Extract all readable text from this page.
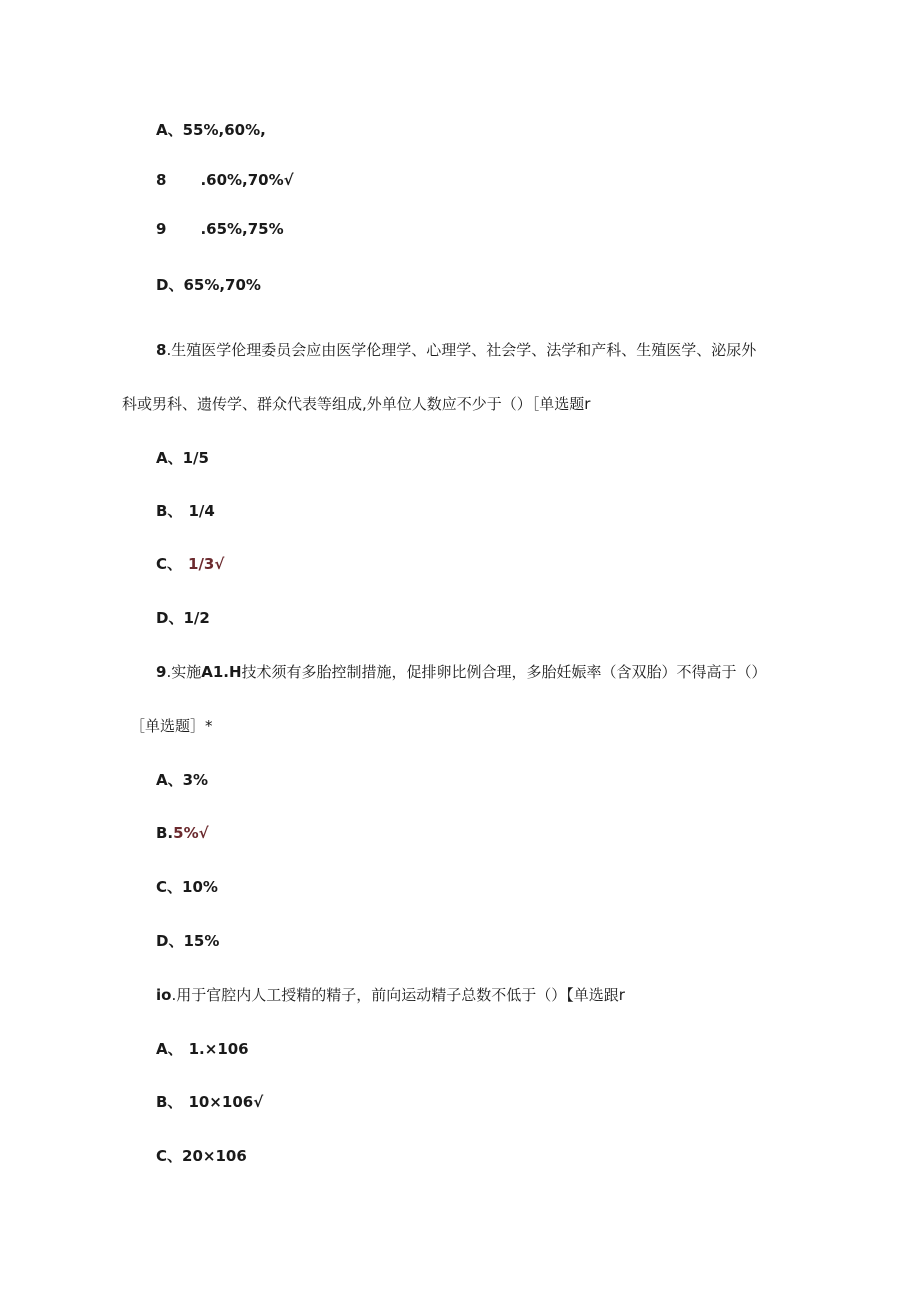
A、55%,60%,
8 .60%,70%√
9 .65%,75%
D、65%,70%
8.生殖医学伦理委员会应由医学伦理学、心理学、社会学、法学和产科、生殖医学、泌尿外
科或男科、遗传学、群众代表等组成,外单位人数应不少于（）［单选题r
A、1/5
B、 1/4
C、 1/3√
D、1/2
9.实施A1.H技术须有多胎控制措施，促排卵比例合理，多胎妊娠率（含双胎）不得高于（）
［单选题］*
A、3%
B.5%√
C、10%
D、15%
io.用于官腔内人工授精的精子，前向运动精子总数不低于（）【单选跟r
A、 1.×106
B、 10×106√
C、20×106
